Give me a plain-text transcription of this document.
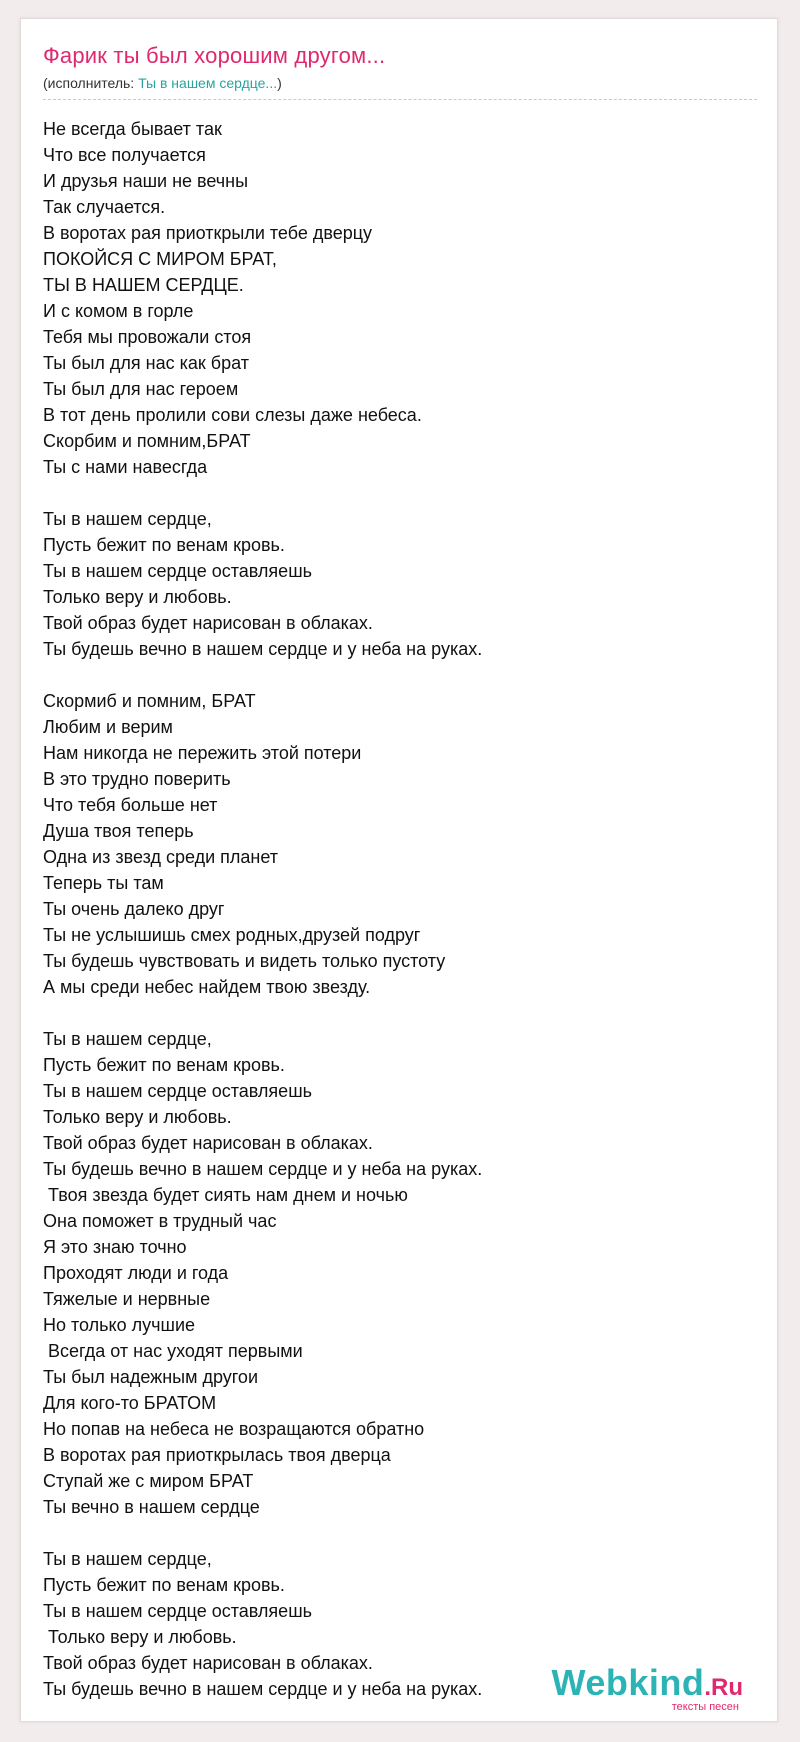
Фарик ты был хорошим другом...
(исполнитель: Ты в нашем сердце...)
Не всегда бывает так
Что все получается
И друзья наши не вечны
Так случается.
В воротах рая приоткрыли тебе дверцу
ПОКОЙСЯ С МИРОМ БРАТ,
ТЫ В НАШЕМ СЕРДЦЕ.
И с комом в горле
Тебя мы провожали стоя
Ты был для нас как брат
Ты был для нас героем
В тот день пролили сови слезы даже небеса.
Скорбим и помним,БРАТ
Ты с нами навесгда
Ты в нашем сердце,
Пусть бежит по венам кровь.
Ты в нашем сердце оставляешь
Только веру и любовь.
Твой образ будет нарисован в облаках.
Ты будешь вечно в нашем сердце и у неба на руках.
Скормиб и помним, БРАТ
Любим и верим
Нам никогда не пережить этой потери
В это трудно поверить
Что тебя больше нет
Душа твоя теперь
Одна из звезд среди планет
Теперь ты там
Ты очень далеко друг
Ты не услышишь смех родных,друзей подруг
Ты будешь чувствовать и видеть только пустоту
А мы среди небес найдем твою звезду.
Ты в нашем сердце,
Пусть бежит по венам кровь.
Ты в нашем сердце оставляешь
Только веру и любовь.
Твой образ будет нарисован в облаках.
Ты будешь вечно в нашем сердце и у неба на руках.
Твоя звезда будет сиять нам днем и ночью
Она поможет в трудный час
Я это знаю точно
Проходят люди и года
Тяжелые и нервные
Но только лучшие
Всегда от нас уходят первыми
Ты был надежным другои
Для кого-то БРАТОМ
Но попав на небеса не возращаются обратно
В воротах рая приоткрылась твоя дверца
Ступай же с миром БРАТ
Ты вечно в нашем сердце
Ты в нашем сердце,
Пусть бежит по венам кровь.
Ты в нашем сердце оставляешь
Только веру и любовь.
Твой образ будет нарисован в облаках.
Ты будешь вечно в нашем сердце и у неба на руках.	Webkind.Ru
тексты песен
